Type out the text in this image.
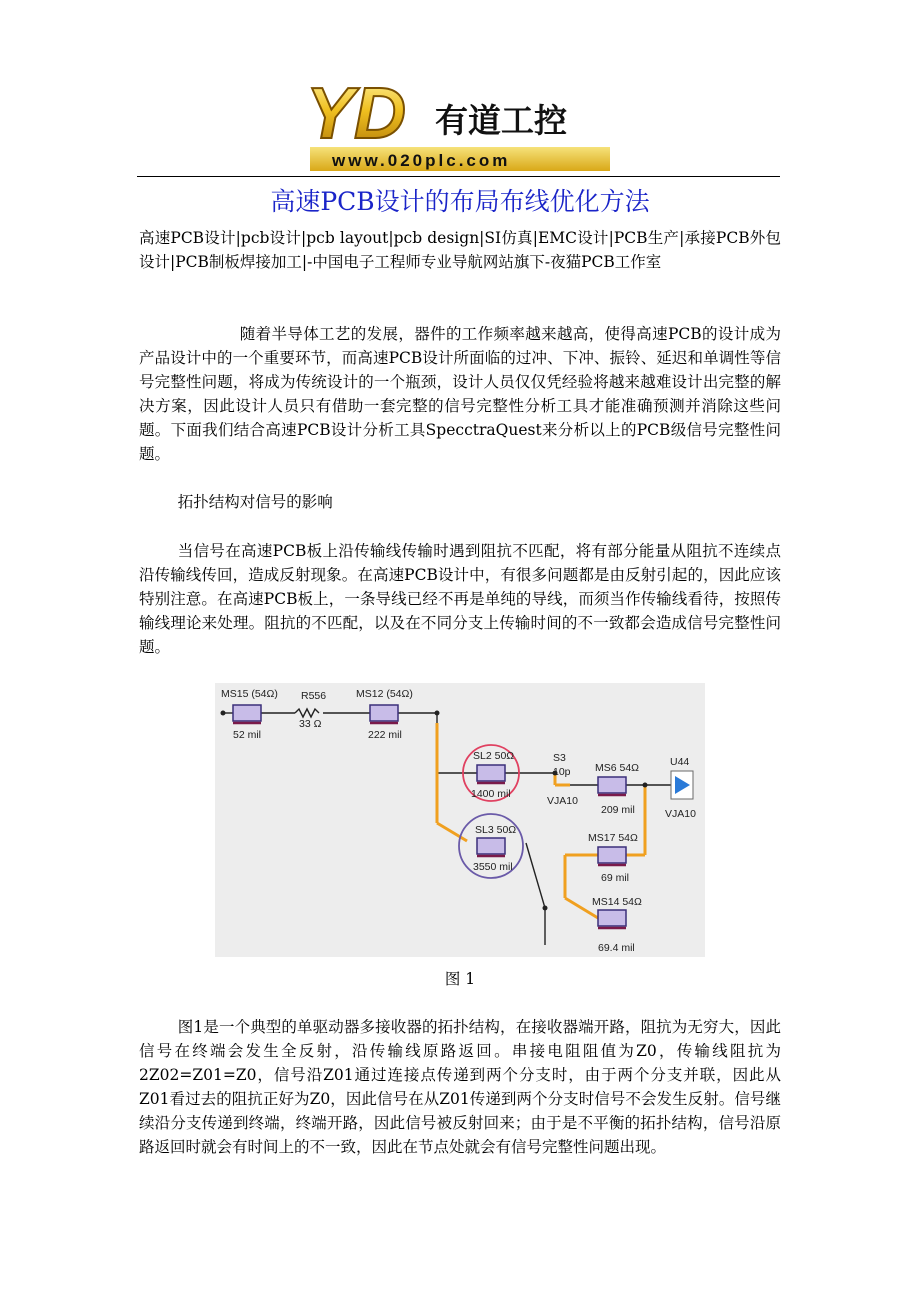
YD 有道工控
www.020plc.com
高速PCB设计的布局布线优化方法
高速PCB设计|pcb设计|pcb layout|pcb design|SI仿真|EMC设计|PCB生产|承接PCB外包设计|PCB制板焊接加工|-中国电子工程师专业导航网站旗下-夜猫PCB工作室
随着半导体工艺的发展，器件的工作频率越来越高，使得高速PCB的设计成为产品设计中的一个重要环节，而高速PCB设计所面临的过冲、下冲、振铃、延迟和单调性等信号完整性问题，将成为传统设计的一个瓶颈，设计人员仅仅凭经验将越来越难设计出完整的解决方案，因此设计人员只有借助一套完整的信号完整性分析工具才能准确预测并消除这些问题。下面我们结合高速PCB设计分析工具SpecctraQuest来分析以上的PCB级信号完整性问题。
拓扑结构对信号的影响
当信号在高速PCB板上沿传输线传输时遇到阻抗不匹配，将有部分能量从阻抗不连续点沿传输线传回，造成反射现象。在高速PCB设计中，有很多问题都是由反射引起的，因此应该特别注意。在高速PCB板上，一条导线已经不再是单纯的导线，而须当作传输线看待，按照传输线理论来处理。阻抗的不匹配，以及在不同分支上传输时间的不一致都会造成信号完整性问题。
MS15 (54Ω)
52 mil
R556
33 Ω
MS12 (54Ω)
222 mil
SL2 50Ω
1400 mil
SL3 50Ω
3550 mil
S3
10p
VJA10
MS6 54Ω
209 mil
U44
VJA10
MS17 54Ω
69 mil
MS14 54Ω
69.4 mil
图 1
图1是一个典型的单驱动器多接收器的拓扑结构，在接收器端开路，阻抗为无穷大，因此信号在终端会发生全反射，沿传输线原路返回。串接电阻阻值为Z0，传输线阻抗为2Z02=Z01=Z0，信号沿Z01通过连接点传递到两个分支时，由于两个分支并联，因此从Z01看过去的阻抗正好为Z0，因此信号在从Z01传递到两个分支时信号不会发生反射。信号继续沿分支传递到终端，终端开路，因此信号被反射回来；由于是不平衡的拓扑结构，信号沿原路返回时就会有时间上的不一致，因此在节点处就会有信号完整性问题出现。
